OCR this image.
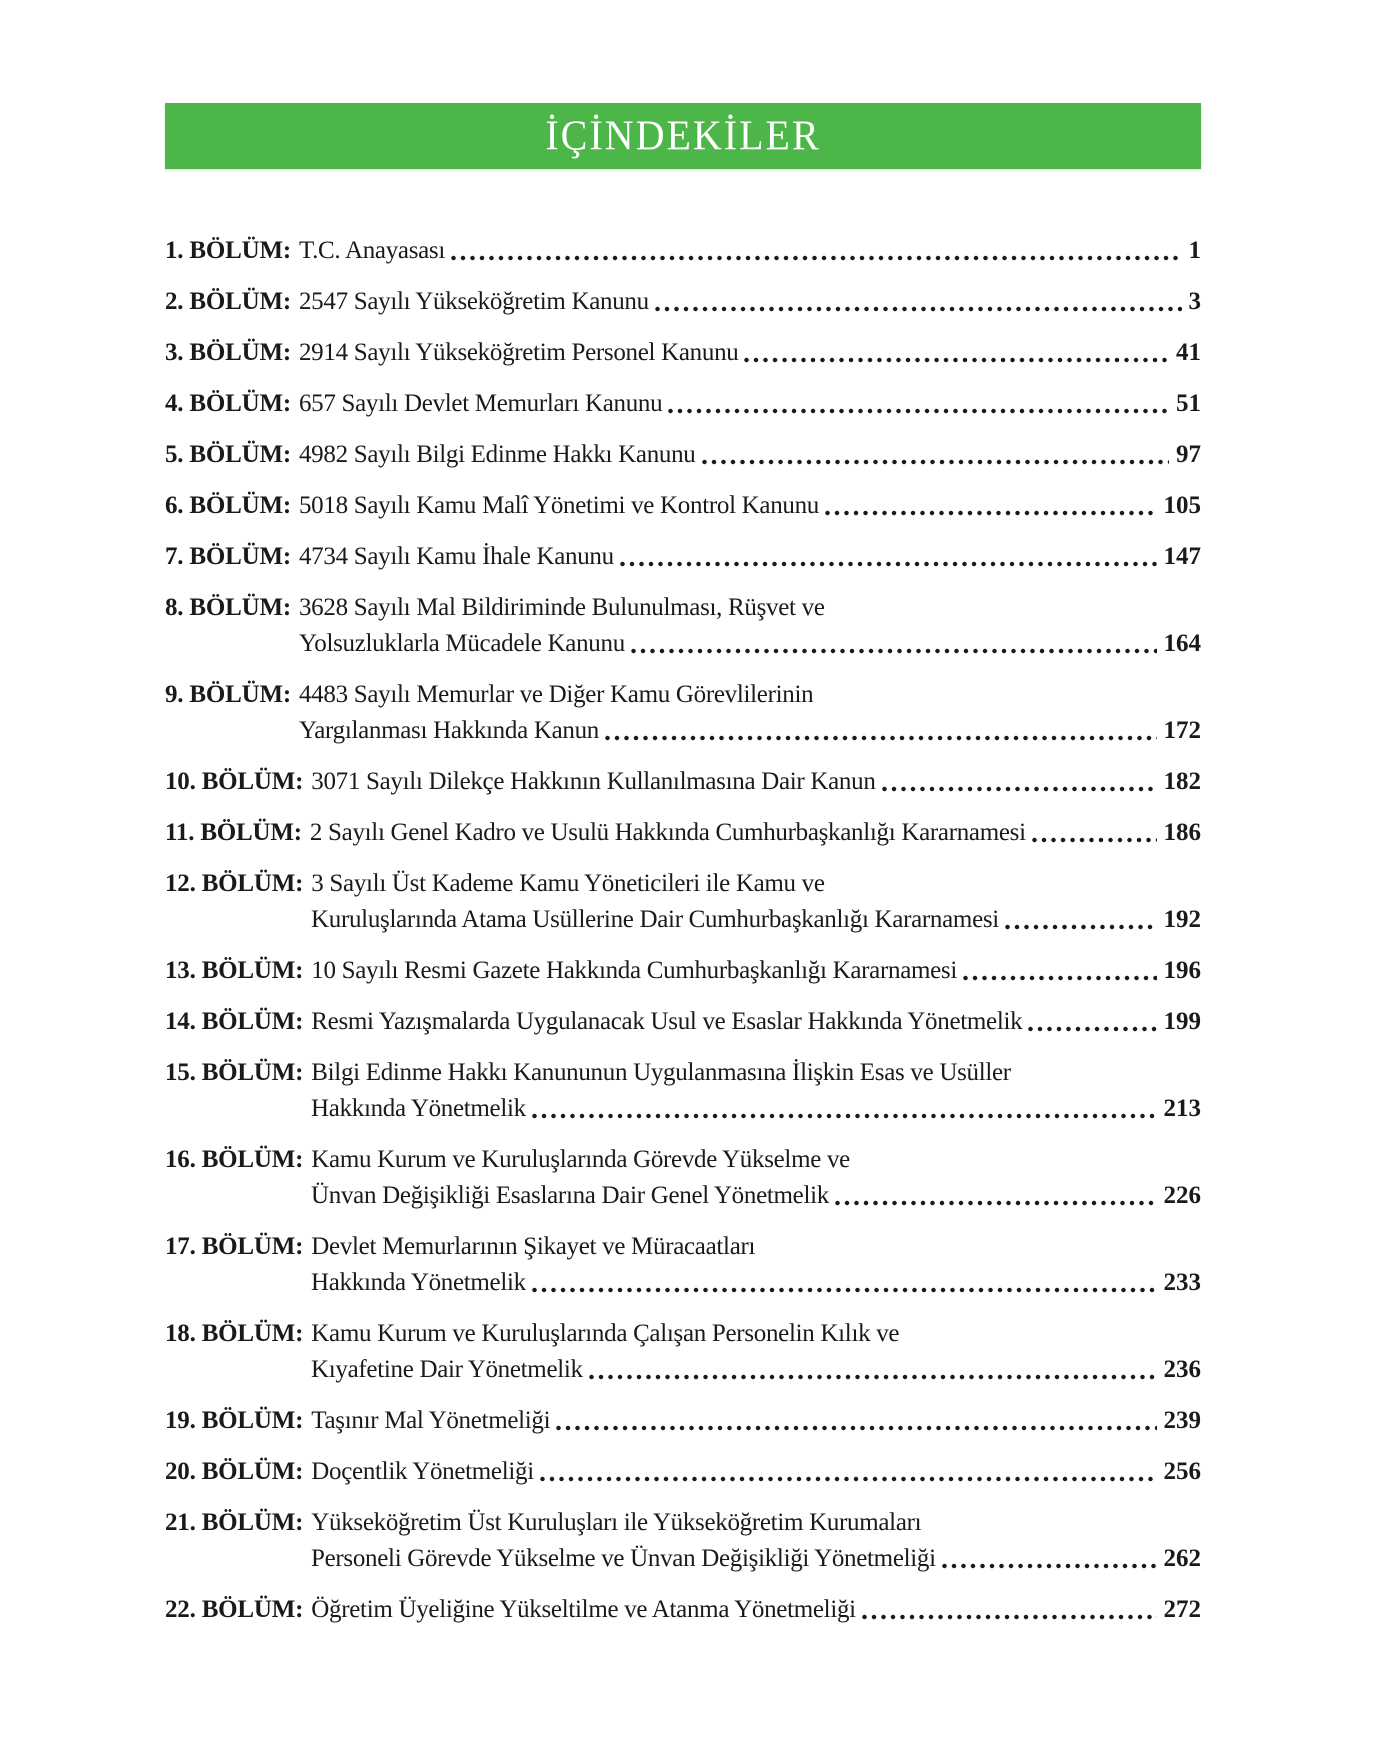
İÇİNDEKİLER
1. BÖLÜM: T.C. Anayasası	1
2. BÖLÜM: 2547 Sayılı Yükseköğretim Kanunu	3
3. BÖLÜM: 2914 Sayılı Yükseköğretim Personel Kanunu	41
4. BÖLÜM: 657 Sayılı Devlet Memurları Kanunu	51
5. BÖLÜM: 4982 Sayılı Bilgi Edinme Hakkı Kanunu	97
6. BÖLÜM: 5018 Sayılı Kamu Malî Yönetimi ve Kontrol Kanunu	105
7. BÖLÜM: 4734 Sayılı Kamu İhale Kanunu	147
8. BÖLÜM: 3628 Sayılı Mal Bildiriminde Bulunulması, Rüşvet ve
Yolsuzluklarla Mücadele Kanunu	164
9. BÖLÜM: 4483 Sayılı Memurlar ve Diğer Kamu Görevlilerinin
Yargılanması Hakkında Kanun	172
10. BÖLÜM: 3071 Sayılı Dilekçe Hakkının Kullanılmasına Dair Kanun	182
11. BÖLÜM: 2 Sayılı Genel Kadro ve Usulü Hakkında Cumhurbaşkanlığı Kararnamesi	186
12. BÖLÜM: 3 Sayılı Üst Kademe Kamu Yöneticileri ile Kamu ve
Kuruluşlarında Atama Usüllerine Dair Cumhurbaşkanlığı Kararnamesi	192
13. BÖLÜM: 10 Sayılı Resmi Gazete Hakkında Cumhurbaşkanlığı Kararnamesi	196
14. BÖLÜM: Resmi Yazışmalarda Uygulanacak Usul ve Esaslar Hakkında Yönetmelik	199
15. BÖLÜM: Bilgi Edinme Hakkı Kanununun Uygulanmasına İlişkin Esas ve Usüller
Hakkında Yönetmelik	213
16. BÖLÜM: Kamu Kurum ve Kuruluşlarında Görevde Yükselme ve
Ünvan Değişikliği Esaslarına Dair Genel Yönetmelik	226
17. BÖLÜM: Devlet Memurlarının Şikayet ve Müracaatları
Hakkında Yönetmelik	233
18. BÖLÜM: Kamu Kurum ve Kuruluşlarında Çalışan Personelin Kılık ve
Kıyafetine Dair Yönetmelik	236
19. BÖLÜM: Taşınır Mal Yönetmeliği	239
20. BÖLÜM: Doçentlik Yönetmeliği	256
21. BÖLÜM: Yükseköğretim Üst Kuruluşları ile Yükseköğretim Kurumaları
Personeli Görevde Yükselme ve Ünvan Değişikliği Yönetmeliği	262
22. BÖLÜM: Öğretim Üyeliğine Yükseltilme ve Atanma Yönetmeliği	272
